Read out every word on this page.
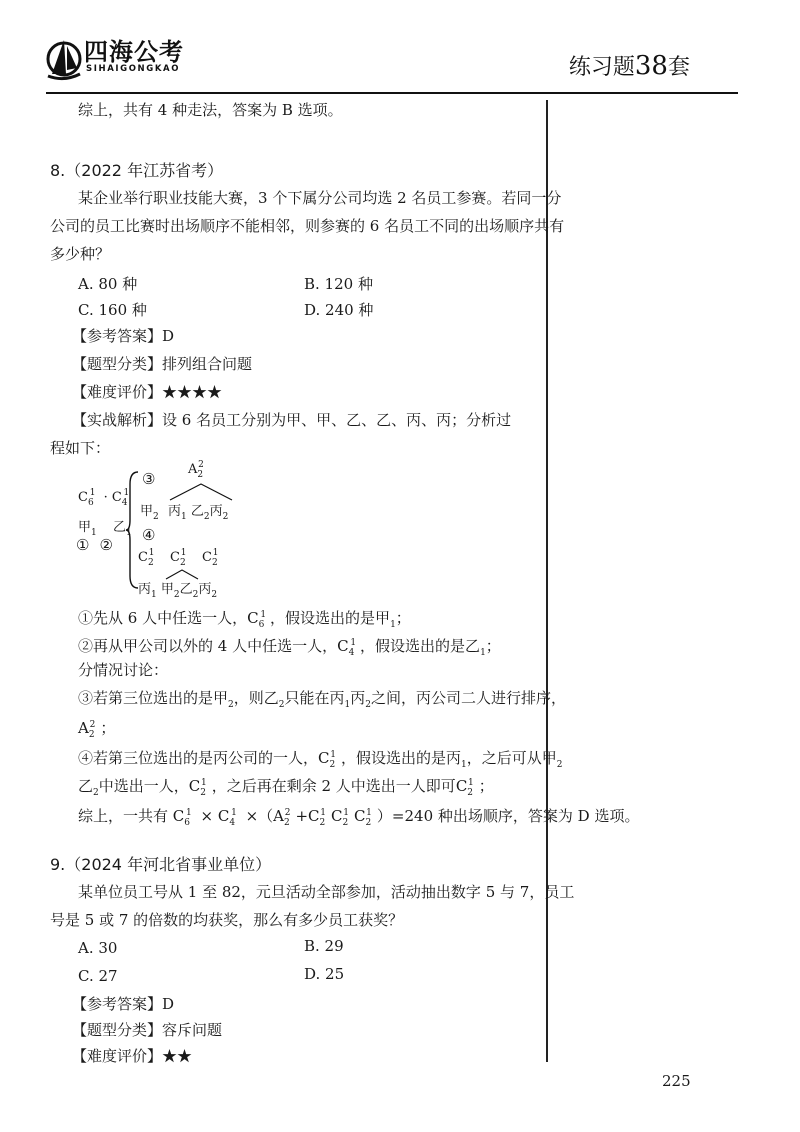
四海公考
SIHAIGONGKAO	练习题38套
综上，共有 4 种走法，答案为 B 选项。
8.（2022 年江苏省考）
某企业举行职业技能大赛，3 个下属分公司均选 2 名员工参赛。若同一分
公司的员工比赛时出场顺序不能相邻，则参赛的 6 名员工不同的出场顺序共有
多少种？
A. 80 种	B. 120 种
C. 160 种	D. 240 种
【参考答案】D
【题型分类】排列组合问题
【难度评价】★★★★
【实战解析】设 6 名员工分别为甲、甲、乙、乙、丙、丙；分析过
程如下：
$C_6^1 \cdot C_4^1$
甲$_1$ 乙$_1$
① ②
③
$A_2^2$
甲$_2$ 丙$_1$ 乙$_2$丙$_2$
④
$C_2^1$	$C_2^1$	$C_2^1$
丙$_1$ 甲$_2$乙$_2$丙$_2$
①先从 6 人中任选一人，$C_6^1$ ，假设选出的是甲$_1$；
②再从甲公司以外的 4 人中任选一人，$C_4^1$ ，假设选出的是乙$_1$；
分情况讨论：
③若第三位选出的是甲$_2$，则乙$_2$只能在丙$_1$丙$_2$之间，丙公司二人进行排序，
$A_2^2$ ；
④若第三位选出的是丙公司的一人，$C_2^1$ ，假设选出的是丙$_1$，之后可从甲$_2$
乙$_2$中选出一人，$C_2^1$ ，之后再在剩余 2 人中选出一人即可$C_2^1$ ；
综上，一共有 $C_6^1 \times C_4^1 \times(A_2^2 +C_2^1$ $C_2^1$ $C_2^1$ ）=240 种出场顺序，答案为 D 选项。
9.（2024 年河北省事业单位）
某单位员工号从 1 至 82，元旦活动全部参加，活动抽出数字 5 与 7，员工
号是 5 或 7 的倍数的均获奖，那么有多少员工获奖？
A. 30	B. 29
C. 27	D. 25
【参考答案】D
【题型分类】容斥问题
【难度评价】★★
225
